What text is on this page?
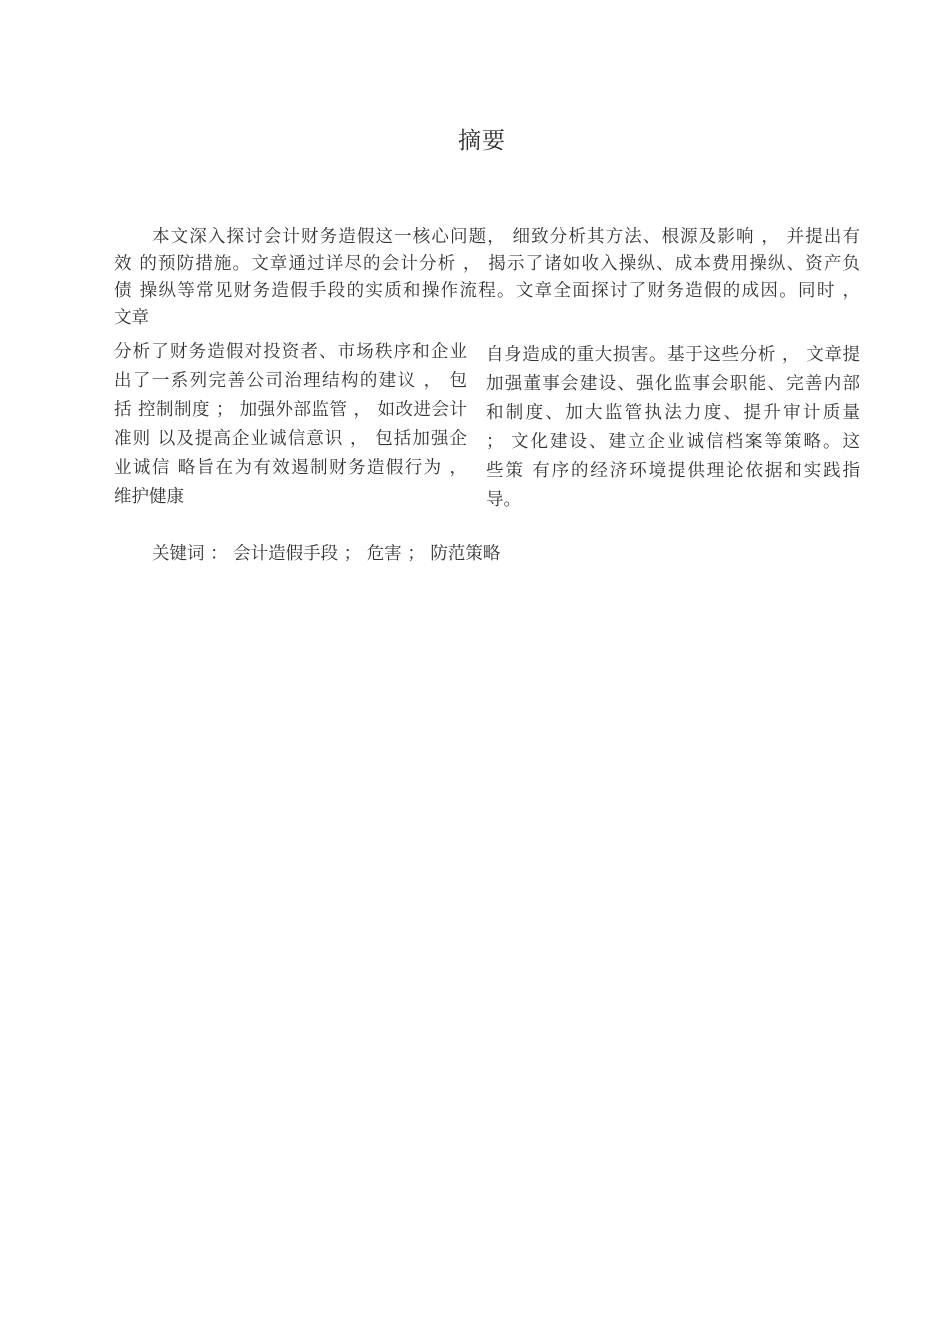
摘要
本文深入探讨会计财务造假这一核心问题， 细致分析其方法、根源及影响 ， 并提出有
效 的预防措施。文章通过详尽的会计分析 ， 揭示了诸如收入操纵、成本费用操纵、资产负
债 操纵等常见财务造假手段的实质和操作流程。文章全面探讨了财务造假的成因。同时 ，
文章
分析了财务造假对投资者、市场秩序和企业
出了一系列完善公司治理结构的建议 ， 包
括 控制制度 ； 加强外部监管 ， 如改进会计
准则 以及提高企业诚信意识 ， 包括加强企
业诚信 略旨在为有效遏制财务造假行为 ，
维护健康
自身造成的重大损害。基于这些分析 ， 文章提
加强董事会建设、强化监事会职能、完善内部
和制度、加大监管执法力度、提升审计质量
； 文化建设、建立企业诚信档案等策略。这
些策 有序的经济环境提供理论依据和实践指
导。
关键词 ： 会计造假手段 ； 危害 ； 防范策略
